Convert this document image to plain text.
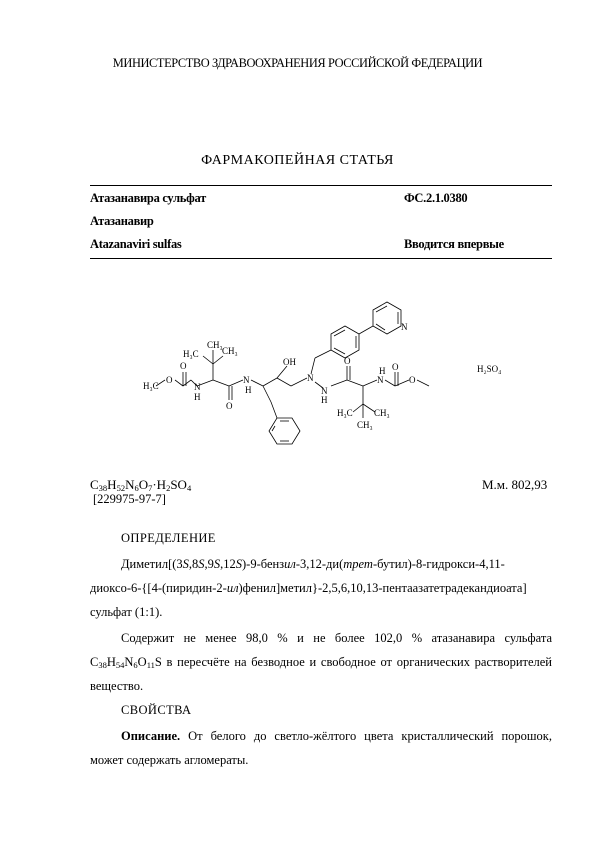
МИНИСТЕРСТВО ЗДРАВООХРАНЕНИЯ РОССИЙСКОЙ ФЕДЕРАЦИИ
ФАРМАКОПЕЙНАЯ СТАТЬЯ
Атазанавира сульфат	ФС.2.1.0380
Атазанавир
Atazanaviri sulfas	Вводится впервые
H₃C
O
O
N
H
H₃C	CH₃
CH₃
O
N
H
OH
N
N
H
O
N
H O
O
H₃C CH₃
CH₃
N
H₂SO₄
$C_{38}H_{52}N_6O_7\cdot H_2SO_4$
[229975-97-7]
М.м. 802,93
ОПРЕДЕЛЕНИЕ
Диметил[(3S,8S,9S,12S)-9-бензил-3,12-ди(трет-бутил)-8-гидрокси-4,11-диоксо-6-{[4-(пиридин-2-ил)фенил]метил}-2,5,6,10,13-пентаазатетрадекандиоата] сульфат (1:1).
Содержит не менее 98,0 % и не более 102,0 % атазанавира сульфата $C_{38}H_{54}N_6O_{11}S$ в пересчёте на безводное и свободное от органических растворителей вещество.
СВОЙСТВА
Описание. От белого до светло-жёлтого цвета кристаллический порошок, может содержать агломераты.
